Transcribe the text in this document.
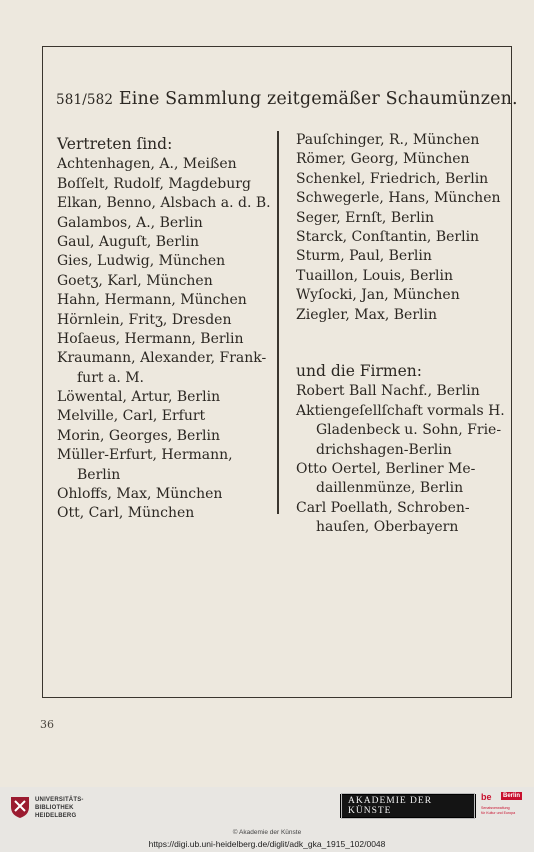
581/582 Eine Sammlung zeitgemäßer Schaumünzen.
Vertreten ſind:
Achtenhagen, A., Meißen
Boſſelt, Rudolf, Magdeburg
Elkan, Benno, Alsbach a. d. B.
Galambos, A., Berlin
Gaul, Auguſt, Berlin
Gies, Ludwig, München
Goetʒ, Karl, München
Hahn, Hermann, München
Hörnlein, Fritʒ, Dresden
Hoſaeus, Hermann, Berlin
Kraumann, Alexander, Frank-
furt a. M.
Löwental, Artur, Berlin
Melville, Carl, Erfurt
Morin, Georges, Berlin
Müller-Erfurt, Hermann,
Berlin
Ohloffs, Max, München
Ott, Carl, München
Pauſchinger, R., München
Römer, Georg, München
Schenkel, Friedrich, Berlin
Schwegerle, Hans, München
Seger, Ernſt, Berlin
Starck, Conſtantin, Berlin
Sturm, Paul, Berlin
Tuaillon, Louis, Berlin
Wyſocki, Jan, München
Ziegler, Max, Berlin
und die Firmen:
Robert Ball Nachf., Berlin
Aktiengeſellſchaft vormals H.
Gladenbeck u. Sohn, Frie-
drichshagen-Berlin
Otto Oertel, Berliner Me-
daillenmünze, Berlin
Carl Poellath, Schroben-
hauſen, Oberbayern
36
UNIVERSITÄTS-
BIBLIOTHEK
HEIDELBERG
AKADEMIE DER KÜNSTE
be	Berlin
Senatsverwaltung
für Kultur und Europa
© Akademie der Künste
https://digi.ub.uni-heidelberg.de/diglit/adk_gka_1915_102/0048
